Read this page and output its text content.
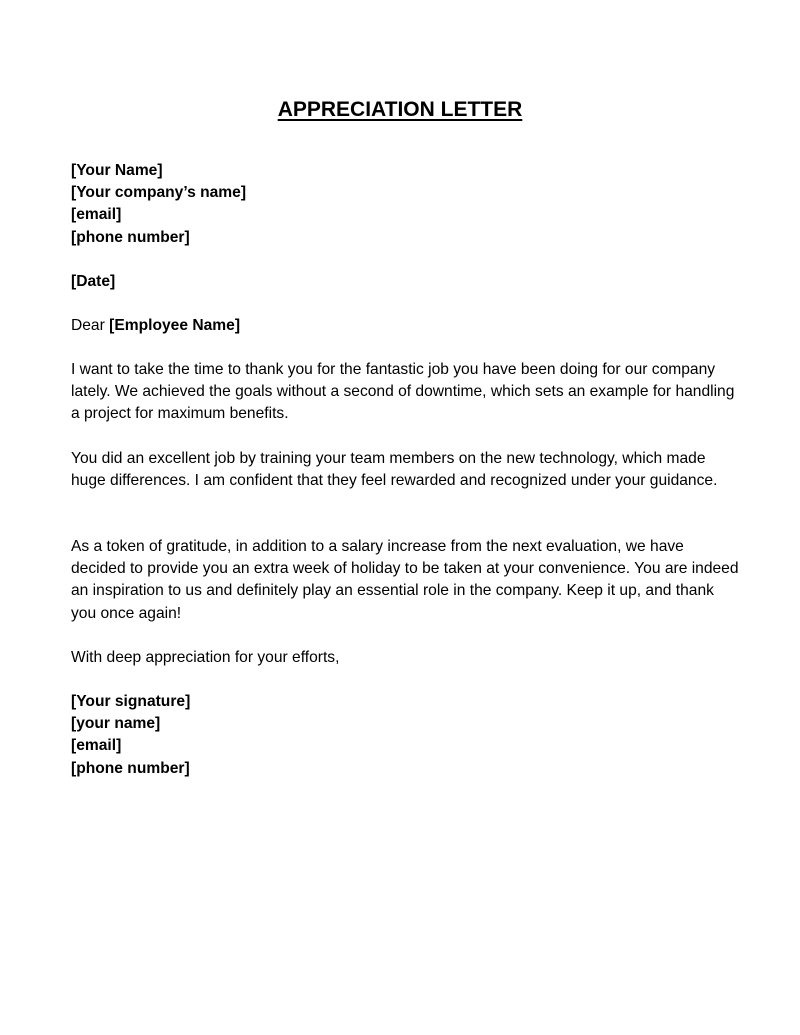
APPRECIATION LETTER
[Your Name]
[Your company’s name]
[email]
[phone number]
[Date]
Dear [Employee Name]

I want to take the time to thank you for the fantastic job you have been doing for our company lately. We achieved the goals without a second of downtime, which sets an example for handling a project for maximum benefits.

You did an excellent job by training your team members on the new technology, which made huge differences. I am confident that they feel rewarded and recognized under your guidance.

As a token of gratitude, in addition to a salary increase from the next evaluation, we have decided to provide you an extra week of holiday to be taken at your convenience. You are indeed an inspiration to us and definitely play an essential role in the company. Keep it up, and thank you once again!

With deep appreciation for your efforts,

[Your signature]
[your name]
[email]
[phone number]
